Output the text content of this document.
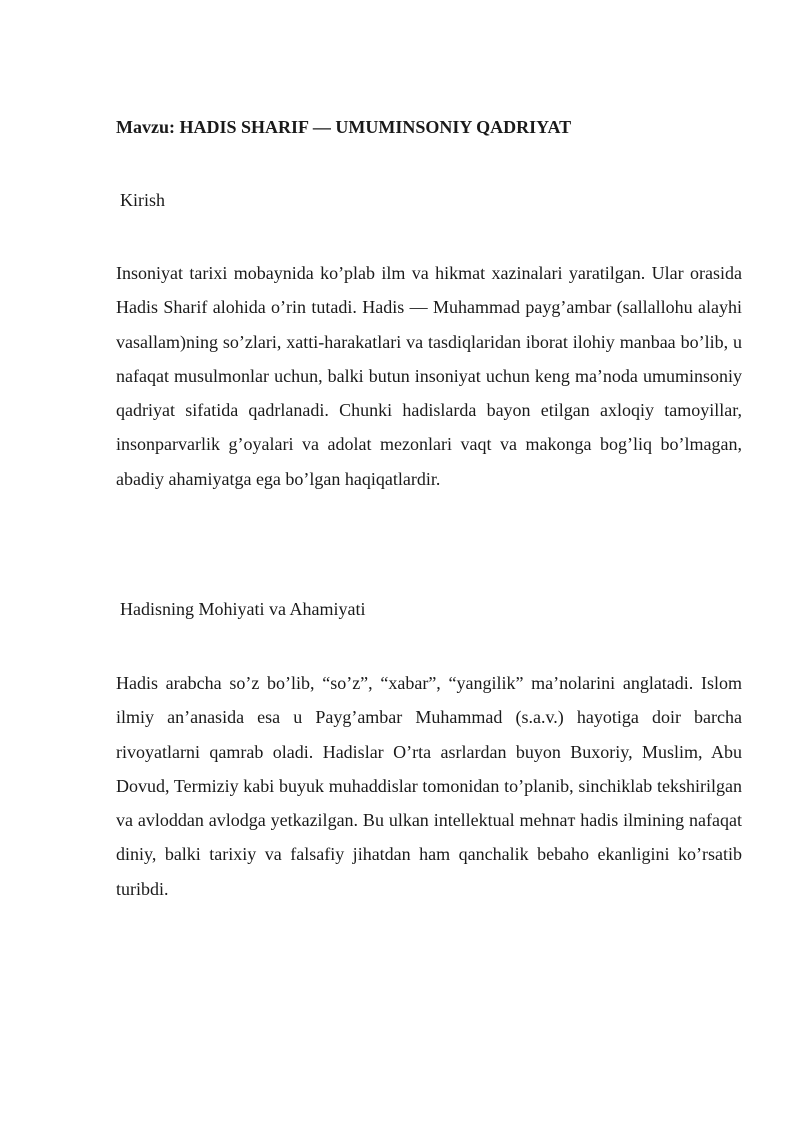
Mavzu: HADIS SHARIF — UMUMINSONIY QADRIYAT
Kirish

Insoniyat tarixi mobaynida ko’plab ilm va hikmat xazinalari yaratilgan. Ular orasida Hadis Sharif alohida o’rin tutadi. Hadis — Muhammad payg’ambar (sallallohu alayhi vasallam)ning so’zlari, xatti-harakatlari va tasdiqlaridan iborat ilohiy manbaa bo’lib, u nafaqat musulmonlar uchun, balki butun insoniyat uchun keng ma’noda umuminsoniy qadriyat sifatida qadrlanadi. Chunki hadislarda bayon etilgan axloqiy tamoyillar, insonparvarlik g’oyalari va adolat mezonlari vaqt va makonga bog’liq bo’lmagan, abadiy ahamiyatga ega bo’lgan haqiqatlardir.

Hadisning Mohiyati va Ahamiyati

Hadis arabcha so’z bo’lib, “so’z”, “xabar”, “yangilik” ma’nolarini anglatadi. Islom ilmiy an’anasida esa u Payg’ambar Muhammad (s.a.v.) hayotiga doir barcha rivoyatlarni qamrab oladi. Hadislar O’rta asrlardan buyon Buxoriy, Muslim, Abu Dovud, Termiziy kabi buyuk muhaddislar tomonidan to’planib, sinchiklab tekshirilgan va avloddan avlodga yetkazilgan. Bu ulkan intellektual mehnaт hadis ilmining nafaqat diniy, balki tarixiy va falsafiy jihatdan ham qanchalik bebaho ekanligini ko’rsatib turibdi.
